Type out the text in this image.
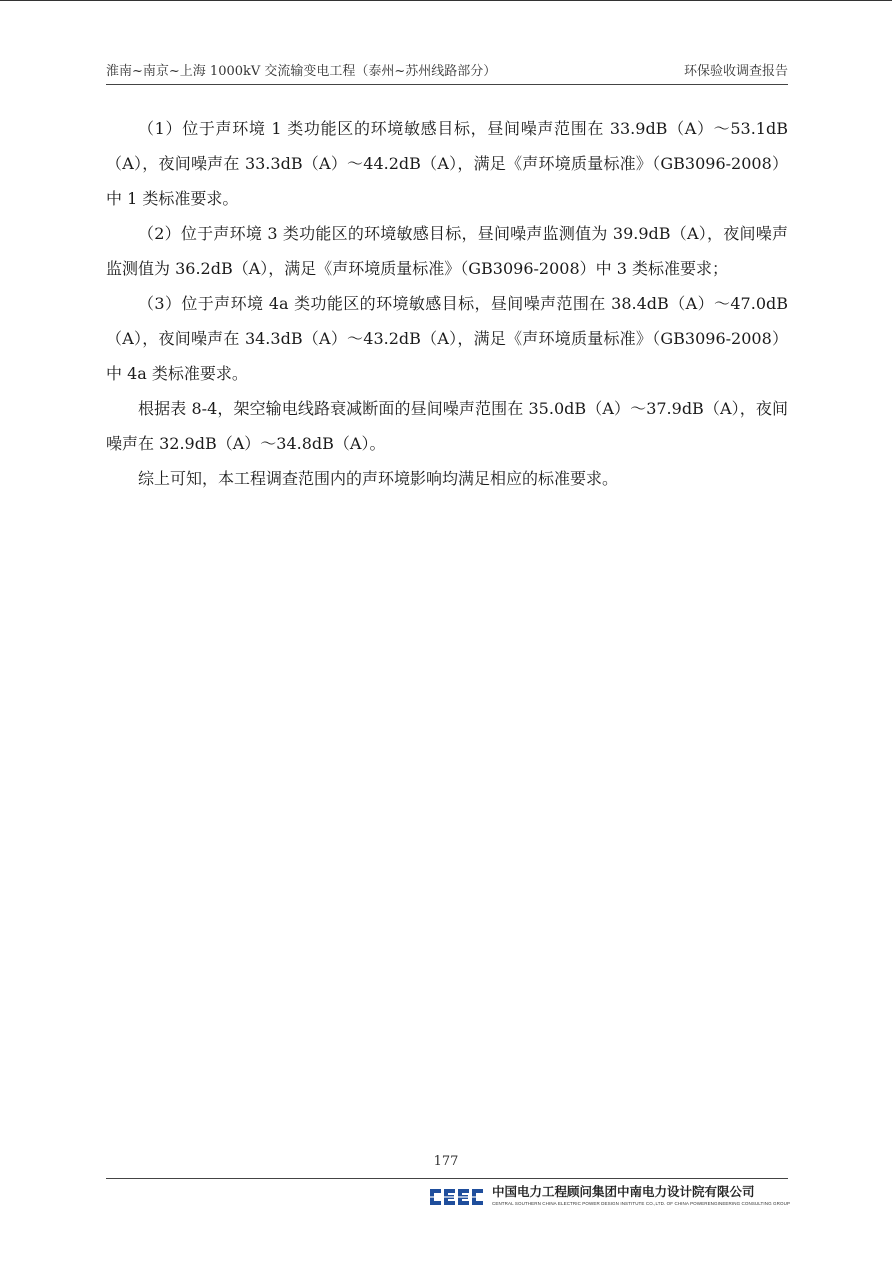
淮南~南京~上海 1000kV 交流输变电工程（泰州~苏州线路部分）	环保验收调查报告

（1）位于声环境 1 类功能区的环境敏感目标，昼间噪声范围在 33.9dB（A）～53.1dB（A），夜间噪声在 33.3dB（A）～44.2dB（A），满足《声环境质量标准》（GB3096-2008）中 1 类标准要求。

（2）位于声环境 3 类功能区的环境敏感目标，昼间噪声监测值为 39.9dB（A），夜间噪声监测值为 36.2dB（A），满足《声环境质量标准》（GB3096-2008）中 3 类标准要求；

（3）位于声环境 4a 类功能区的环境敏感目标，昼间噪声范围在 38.4dB（A）～47.0dB（A），夜间噪声在 34.3dB（A）～43.2dB（A），满足《声环境质量标准》（GB3096-2008）中 4a 类标准要求。

根据表 8-4，架空输电线路衰减断面的昼间噪声范围在 35.0dB（A）～37.9dB（A），夜间噪声在 32.9dB（A）～34.8dB（A）。

综上可知，本工程调查范围内的声环境影响均满足相应的标准要求。

177
中国电力工程顾问集团中南电力设计院有限公司
CENTRAL SOUTHERN CHINA ELECTRIC POWER DESIGN INSTITUTE CO.,LTD. OF CHINA POWERENGINEERING CONSULTING GROUP
